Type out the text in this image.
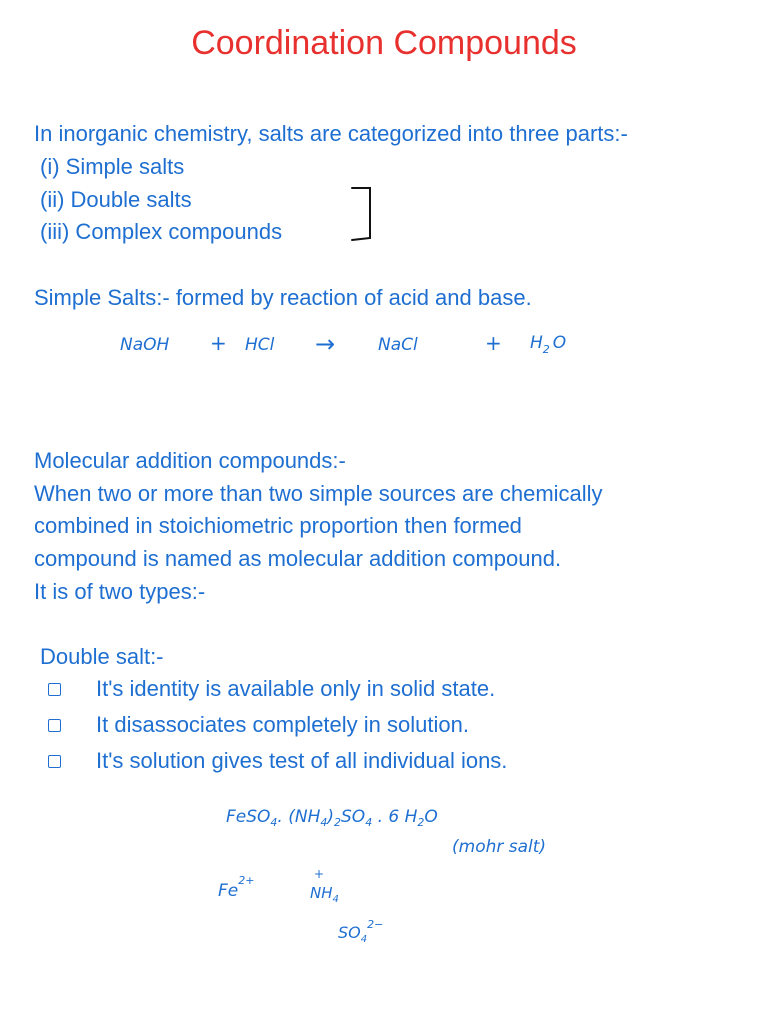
Coordination Compounds
In inorganic chemistry, salts are categorized into three parts:-
(i) Simple salts
(ii) Double salts
(iii) Complex compounds
Simple Salts:- formed by reaction of acid and base.
NaOH + HCl →	NaCl	+ $H_2$ O
Molecular addition compounds:-
When two or more than two simple sources are chemically
combined in stoichiometric proportion then formed
compound is named as molecular addition compound.
It is of two types:-
Double salt:-
It's identity is available only in solid state.
It disassociates completely in solution.
It's solution gives test of all individual ions.
FeSO$_4$. $(NH_4)_2SO_4$ . 6 $H_2O$
(mohr salt)
$Fe^{2+}$	+
$NH_4$
$SO_4^{2-}$
